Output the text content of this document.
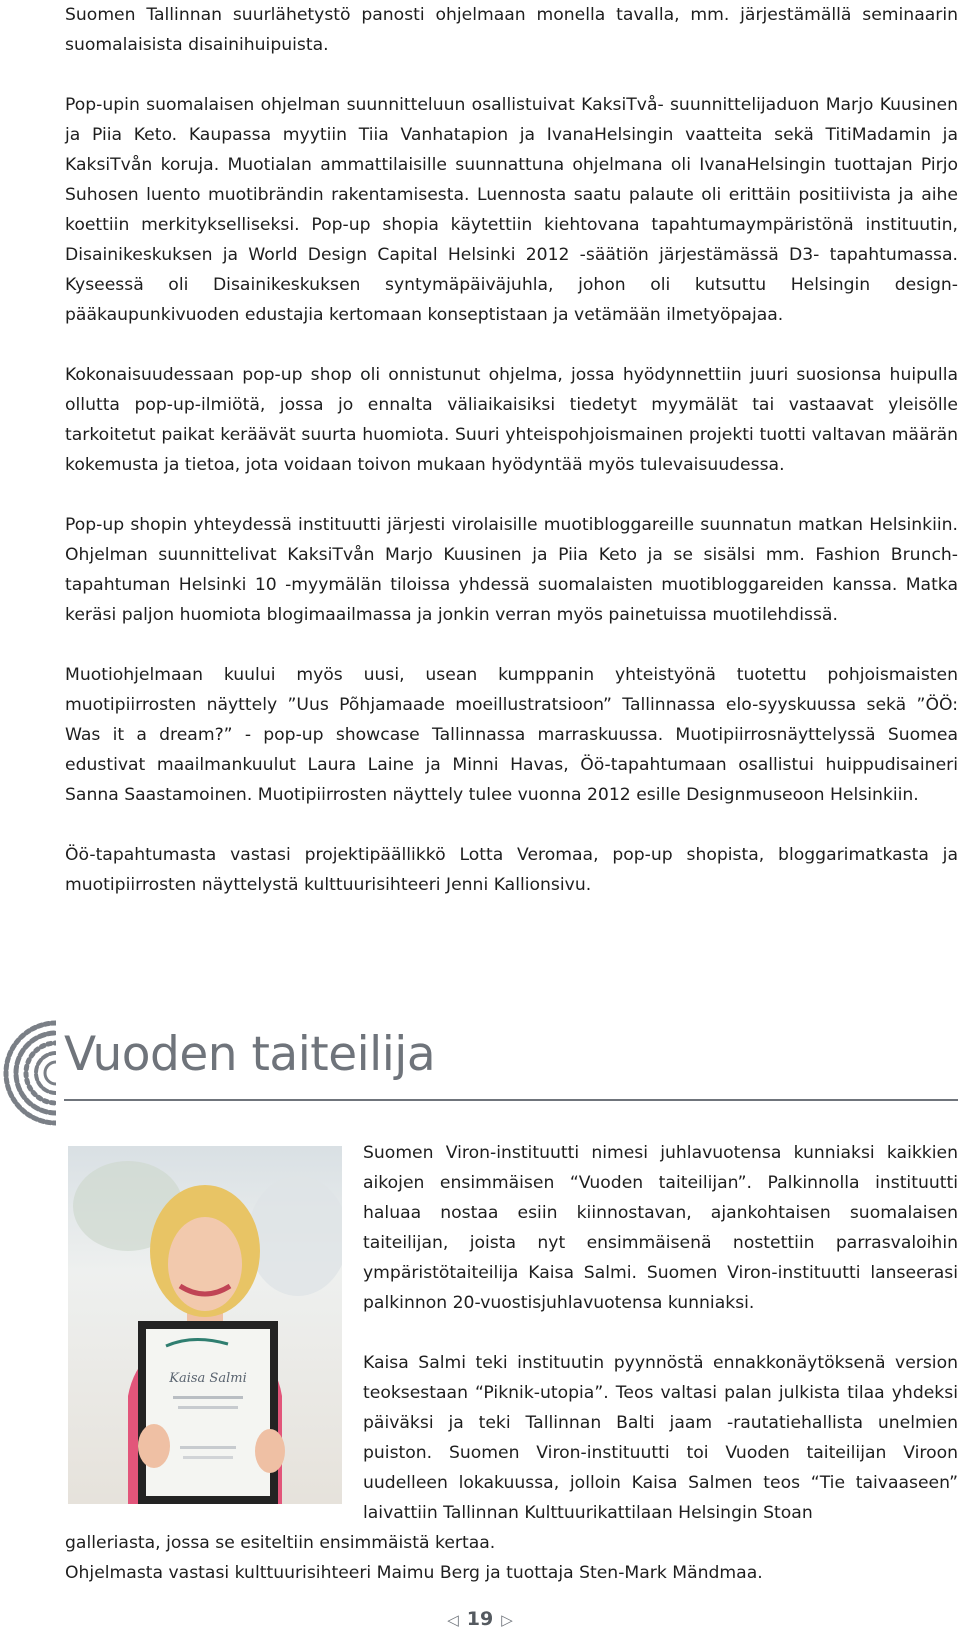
Suomen Tallinnan suurlähetystö panosti ohjelmaan monella tavalla, mm. järjestämällä seminaarin suomalaisista disainihuipuista.

Pop-upin suomalaisen ohjelman suunnitteluun osallistuivat KaksiTvå- suunnittelijaduon Marjo Kuusinen ja Piia Keto. Kaupassa myytiin Tiia Vanhatapion ja IvanaHelsingin vaatteita sekä TitiMadamin ja KaksiTvån koruja. Muotialan ammattilaisille suunnattuna ohjelmana oli IvanaHelsingin tuottajan Pirjo Suhosen luento muotibrändin rakentamisesta. Luennosta saatu palaute oli erittäin positiivista ja aihe koettiin merkitykselliseksi. Pop-up shopia käytettiin kiehtovana tapahtumaympäristönä instituutin, Disainikeskuksen ja World Design Capital Helsinki 2012 -säätiön järjestämässä D3- tapahtumassa. Kyseessä oli Disainikeskuksen syntymäpäiväjuhla, johon oli kutsuttu Helsingin design-pääkaupunkivuoden edustajia kertomaan konseptistaan ja vetämään ilmetyöpajaa.

Kokonaisuudessaan pop-up shop oli onnistunut ohjelma, jossa hyödynnettiin juuri suosionsa huipulla ollutta pop-up-ilmiötä, jossa jo ennalta väliaikaisiksi tiedetyt myymälät tai vastaavat yleisölle tarkoitetut paikat keräävät suurta huomiota. Suuri yhteispohjoismainen projekti tuotti valtavan määrän kokemusta ja tietoa, jota voidaan toivon mukaan hyödyntää myös tulevaisuudessa.

Pop-up shopin yhteydessä instituutti järjesti virolaisille muotibloggareille suunnatun matkan Helsinkiin. Ohjelman suunnittelivat KaksiTvån Marjo Kuusinen ja Piia Keto ja se sisälsi mm. Fashion Brunch- tapahtuman Helsinki 10 -myymälän tiloissa yhdessä suomalaisten muotibloggareiden kanssa. Matka keräsi paljon huomiota blogimaailmassa ja jonkin verran myös painetuissa muotilehdissä.

Muotiohjelmaan kuului myös uusi, usean kumppanin yhteistyönä tuotettu pohjoismaisten muotipiirrosten näyttely ”Uus Põhjamaade moeillustratsioon” Tallinnassa elo-syyskuussa sekä ”ÖÖ: Was it a dream?” - pop-up showcase Tallinnassa marraskuussa. Muotipiirrosnäyttelyssä Suomea edustivat maailmankuulut Laura Laine ja Minni Havas, Öö-tapahtumaan osallistui huippudisaineri Sanna Saastamoinen. Muotipiirrosten näyttely tulee vuonna 2012 esille Designmuseoon Helsinkiin.

Öö-tapahtumasta vastasi projektipäällikkö Lotta Veromaa, pop-up shopista, bloggarimatkasta ja muotipiirrosten näyttelystä kulttuurisihteeri Jenni Kallionsivu.

Vuoden taiteilija
Kaisa Salmi

Suomen Viron-instituutti nimesi juhlavuotensa kunniaksi kaikkien aikojen ensimmäisen “Vuoden taiteilijan”. Palkinnolla instituutti haluaa nostaa esiin kiinnostavan, ajankohtaisen suomalaisen taiteilijan, joista nyt ensimmäisenä nostettiin parrasvaloihin ympäristötaiteilija Kaisa Salmi. Suomen Viron-instituutti lanseerasi palkinnon 20-vuostisjuhlavuotensa kunniaksi.

Kaisa Salmi teki instituutin pyynnöstä ennakkonäytöksenä version teoksestaan “Piknik-utopia”. Teos valtasi palan julkista tilaa yhdeksi päiväksi ja teki Tallinnan Balti jaam -rautatiehallista unelmien puiston. Suomen Viron-instituutti toi Vuoden taiteilijan Viroon uudelleen lokakuussa, jolloin Kaisa Salmen teos “Tie taivaaseen” laivattiin Tallinnan Kulttuurikattilaan Helsingin Stoan

galleriasta, jossa se esiteltiin ensimmäistä kertaa.

Ohjelmasta vastasi kulttuurisihteeri Maimu Berg ja tuottaja Sten-Mark Mändmaa.

◁ 19 ▷
